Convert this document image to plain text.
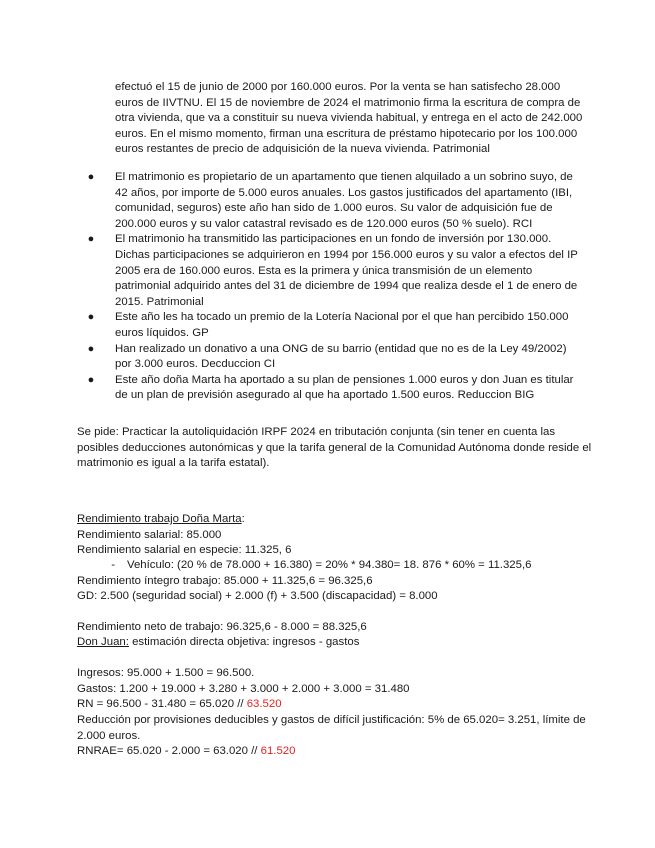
efectuó el 15 de junio de 2000 por 160.000 euros. Por la venta se han satisfecho 28.000 euros de IIVTNU. El 15 de noviembre de 2024 el matrimonio firma la escritura de compra de otra vivienda, que va a constituir su nueva vivienda habitual, y entrega en el acto de 242.000 euros. En el mismo momento, firman una escritura de préstamo hipotecario por los 100.000 euros restantes de precio de adquisición de la nueva vivienda. Patrimonial
● El matrimonio es propietario de un apartamento que tienen alquilado a un sobrino suyo, de 42 años, por importe de 5.000 euros anuales. Los gastos justificados del apartamento (IBI, comunidad, seguros) este año han sido de 1.000 euros. Su valor de adquisición fue de 200.000 euros y su valor catastral revisado es de 120.000 euros (50 % suelo). RCI
● El matrimonio ha transmitido las participaciones en un fondo de inversión por 130.000. Dichas participaciones se adquirieron en 1994 por 156.000 euros y su valor a efectos del IP 2005 era de 160.000 euros. Esta es la primera y única transmisión de un elemento patrimonial adquirido antes del 31 de diciembre de 1994 que realiza desde el 1 de enero de 2015. Patrimonial
● Este año les ha tocado un premio de la Lotería Nacional por el que han percibido 150.000 euros líquidos. GP
● Han realizado un donativo a una ONG de su barrio (entidad que no es de la Ley 49/2002) por 3.000 euros. Decduccion CI
● Este año doña Marta ha aportado a su plan de pensiones 1.000 euros y don Juan es titular de un plan de previsión asegurado al que ha aportado 1.500 euros. Reduccion BIG
Se pide: Practicar la autoliquidación IRPF 2024 en tributación conjunta (sin tener en cuenta las posibles deducciones autonómicas y que la tarifa general de la Comunidad Autónoma donde reside el matrimonio es igual a la tarifa estatal).
Rendimiento trabajo Doña Marta:
Rendimiento salarial: 85.000
Rendimiento salarial en especie: 11.325, 6
- Vehículo: (20 % de 78.000 + 16.380) = 20% * 94.380= 18. 876 * 60% = 11.325,6
Rendimiento íntegro trabajo: 85.000 + 11.325,6 = 96.325,6
GD: 2.500 (seguridad social) + 2.000 (f) + 3.500 (discapacidad) = 8.000
Rendimiento neto de trabajo: 96.325,6 - 8.000 = 88.325,6
Don Juan: estimación directa objetiva: ingresos - gastos
Ingresos: 95.000 + 1.500 = 96.500.
Gastos: 1.200 + 19.000 + 3.280 + 3.000 + 2.000 + 3.000 = 31.480
RN = 96.500 - 31.480 = 65.020 // 63.520
Reducción por provisiones deducibles y gastos de difícil justificación: 5% de 65.020= 3.251, límite de 2.000 euros.
RNRAE= 65.020 - 2.000 = 63.020 // 61.520
